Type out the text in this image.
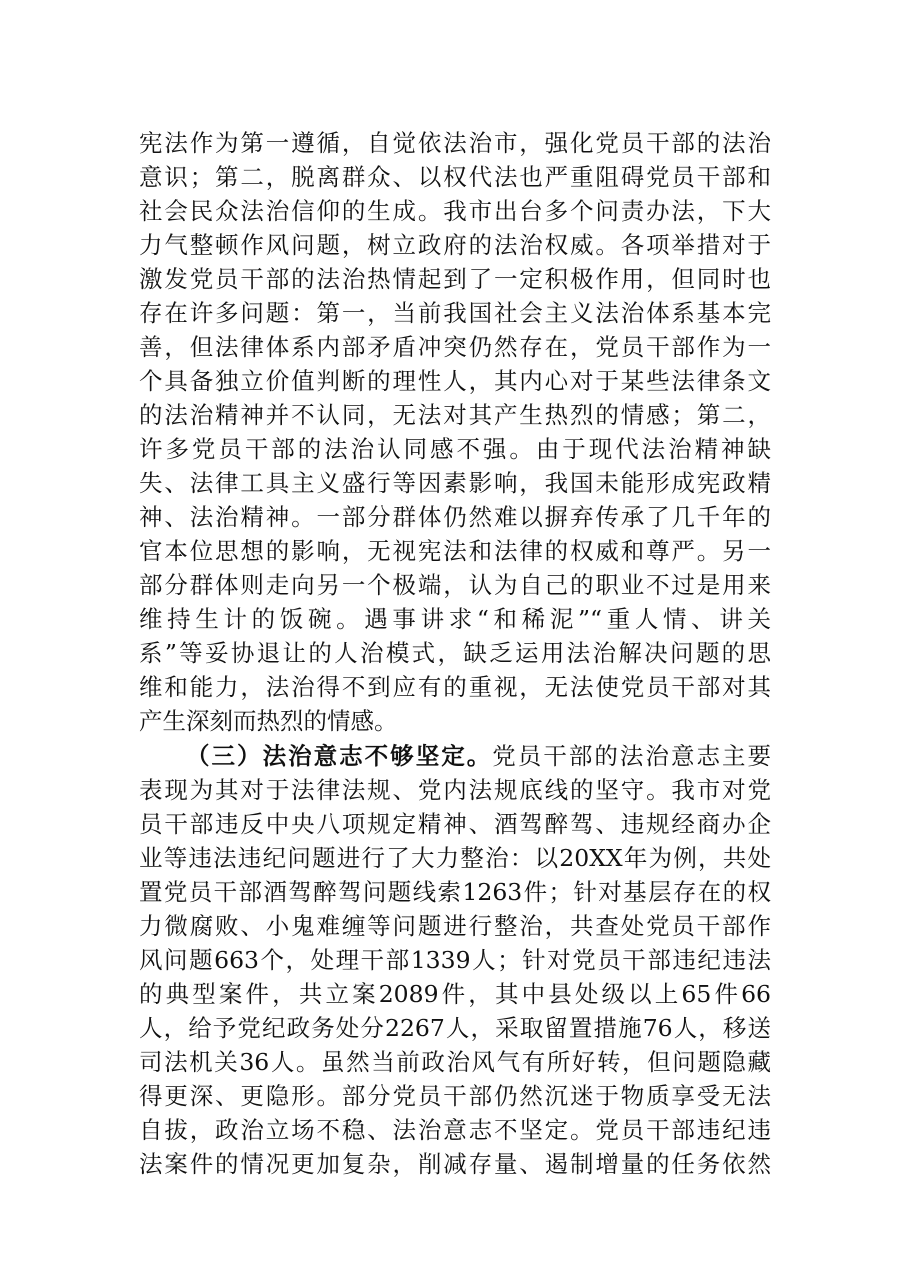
宪法作为第一遵循，自觉依法治市，强化党员干部的法治
意识；第二，脱离群众、以权代法也严重阻碍党员干部和
社会民众法治信仰的生成。我市出台多个问责办法，下大
力气整顿作风问题，树立政府的法治权威。各项举措对于
激发党员干部的法治热情起到了一定积极作用，但同时也
存在许多问题：第一，当前我国社会主义法治体系基本完
善，但法律体系内部矛盾冲突仍然存在，党员干部作为一
个具备独立价值判断的理性人，其内心对于某些法律条文
的法治精神并不认同，无法对其产生热烈的情感；第二，
许多党员干部的法治认同感不强。由于现代法治精神缺
失、法律工具主义盛行等因素影响，我国未能形成宪政精
神、法治精神。一部分群体仍然难以摒弃传承了几千年的
官本位思想的影响，无视宪法和法律的权威和尊严。另一
部分群体则走向另一个极端，认为自己的职业不过是用来
维持生计的饭碗。遇事讲求“和稀泥”“重人情、讲关
系”等妥协退让的人治模式，缺乏运用法治解决问题的思
维和能力，法治得不到应有的重视，无法使党员干部对其
产生深刻而热烈的情感。
（三）法治意志不够坚定。党员干部的法治意志主要
表现为其对于法律法规、党内法规底线的坚守。我市对党
员干部违反中央八项规定精神、酒驾醉驾、违规经商办企
业等违法违纪问题进行了大力整治：以20XX年为例，共处
置党员干部酒驾醉驾问题线索1263件；针对基层存在的权
力微腐败、小鬼难缠等问题进行整治，共查处党员干部作
风问题663个，处理干部1339人；针对党员干部违纪违法
的典型案件，共立案2089件，其中县处级以上65件66
人，给予党纪政务处分2267人，采取留置措施76人，移送
司法机关36人。虽然当前政治风气有所好转，但问题隐藏
得更深、更隐形。部分党员干部仍然沉迷于物质享受无法
自拔，政治立场不稳、法治意志不坚定。党员干部违纪违
法案件的情况更加复杂，削减存量、遏制增量的任务依然
